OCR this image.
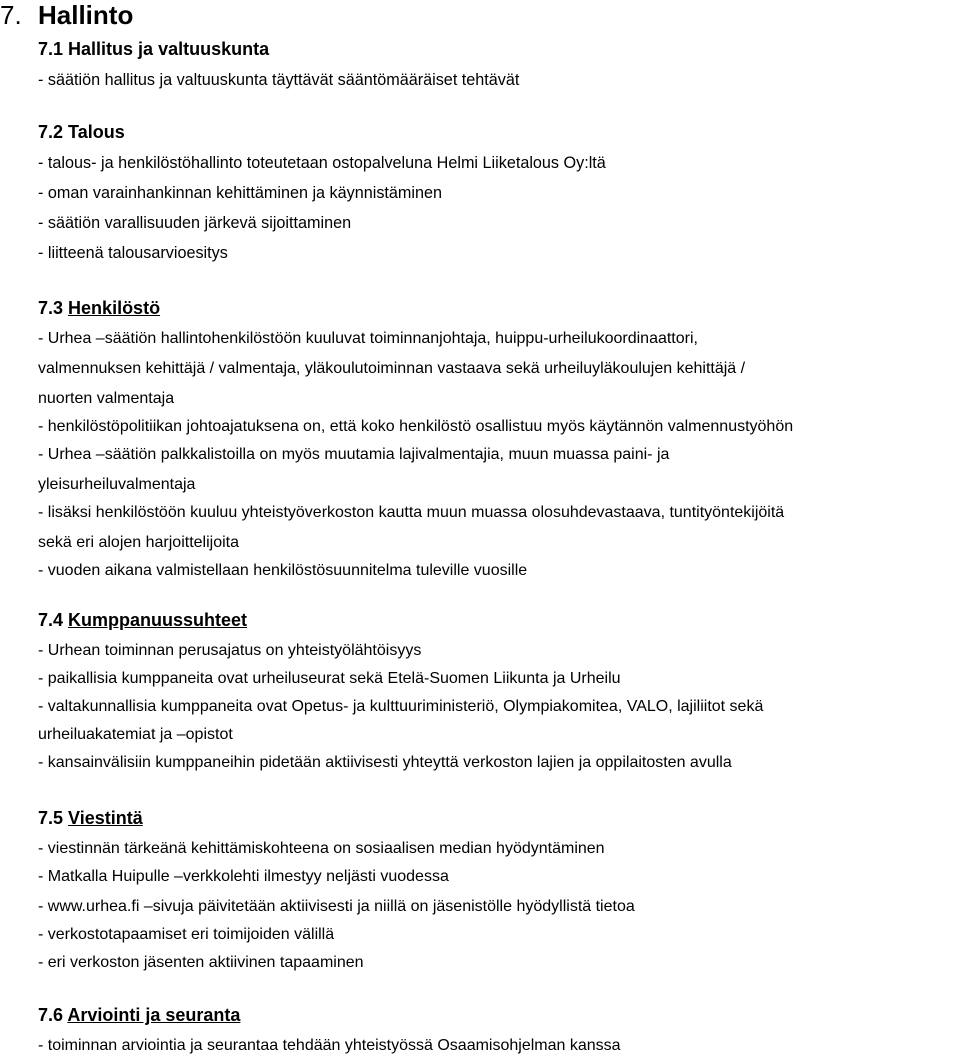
7. Hallinto
7.1 Hallitus ja valtuuskunta
- säätiön hallitus ja valtuuskunta täyttävät sääntömääräiset tehtävät
7.2 Talous
- talous- ja henkilöstöhallinto toteutetaan ostopalveluna Helmi Liiketalous Oy:ltä
- oman varainhankinnan kehittäminen ja käynnistäminen
- säätiön varallisuuden järkevä sijoittaminen
- liitteenä talousarvioesitys
7.3 Henkilöstö
- Urhea –säätiön hallintohenkilöstöön kuuluvat toiminnanjohtaja, huippu-urheilukoordinaattori,
valmennuksen kehittäjä / valmentaja, yläkoulutoiminnan vastaava sekä urheiluyläkoulujen kehittäjä /
nuorten valmentaja
- henkilöstöpolitiikan johtoajatuksena on, että koko henkilöstö osallistuu myös käytännön valmennustyöhön
- Urhea –säätiön palkkalistoilla on myös muutamia lajivalmentajia, muun muassa paini- ja
yleisurheiluvalmentaja
- lisäksi henkilöstöön kuuluu yhteistyöverkoston kautta muun muassa olosuhdevastaava, tuntityöntekijöitä
sekä eri alojen harjoittelijoita
- vuoden aikana valmistellaan henkilöstösuunnitelma tuleville vuosille
7.4 Kumppanuussuhteet
- Urhean toiminnan perusajatus on yhteistyölähtöisyys
- paikallisia kumppaneita ovat urheiluseurat sekä Etelä-Suomen Liikunta ja Urheilu
- valtakunnallisia kumppaneita ovat Opetus- ja kulttuuriministeriö, Olympiakomitea, VALO, lajiliitot sekä
urheiluakatemiat ja –opistot
- kansainvälisiin kumppaneihin pidetään aktiivisesti yhteyttä verkoston lajien ja oppilaitosten avulla
7.5 Viestintä
- viestinnän tärkeänä kehittämiskohteena on sosiaalisen median hyödyntäminen
- Matkalla Huipulle –verkkolehti ilmestyy neljästi vuodessa
- www.urhea.fi –sivuja päivitetään aktiivisesti ja niillä on jäsenistölle hyödyllistä tietoa
- verkostotapaamiset eri toimijoiden välillä
- eri verkoston jäsenten aktiivinen tapaaminen
7.6 Arviointi ja seuranta
- toiminnan arviointia ja seurantaa tehdään yhteistyössä Osaamisohjelman kanssa
